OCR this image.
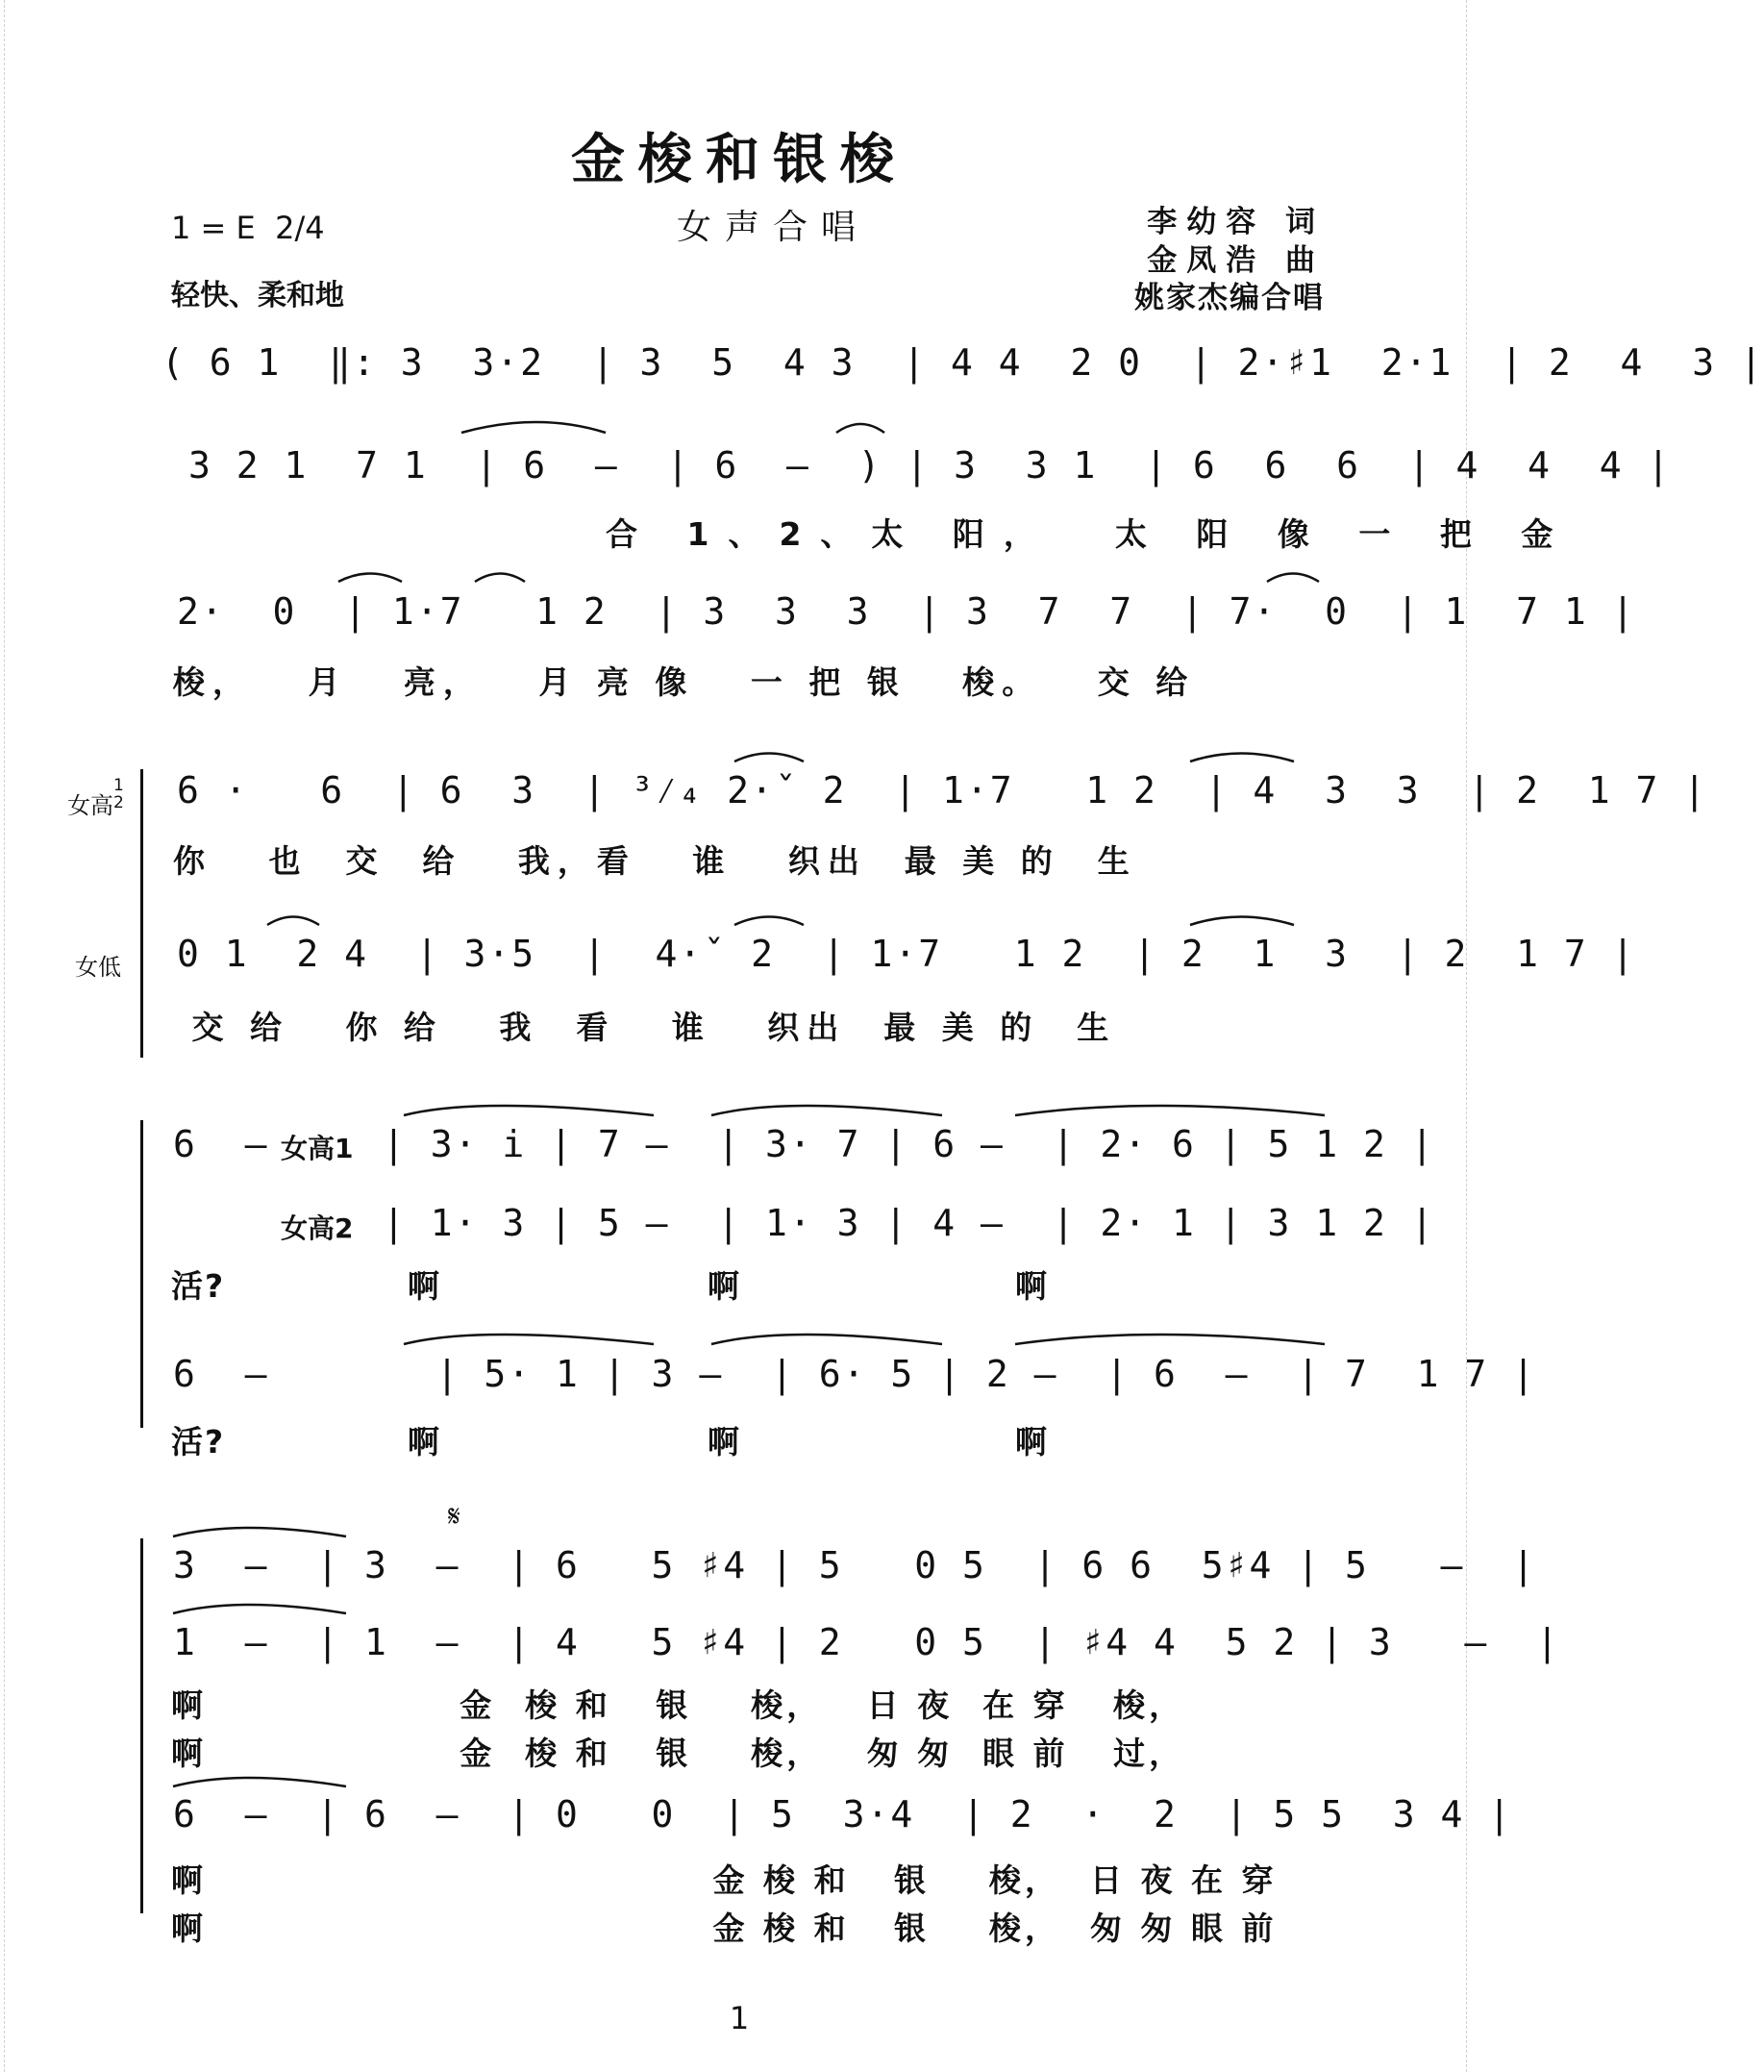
金梭和银梭
1 = E  2/4	女声合唱	李幼容 词
金凤浩 曲
姚家杰编合唱
轻快、柔和地
( 6 1  ‖: 3  3·2  | 3  5  4 3  | 4 4  2 0  | 2·♯1  2·1  | 2  4  3 |
3 2 1  7 1  | 6  –  | 6  –  ) | 3  3 1  | 6  6  6  | 4  4  4 |
合 1、2、太 阳，  太 阳 像 一 把 金
2·  0  | 1·7   1 2  | 3  3  3  | 3  7  7  | 7·  0  | 1  7 1 |
梭，   月   亮，   月 亮 像   一 把 银   梭。   交 给
女高
1
2 6 ·   6  | 6  3  | ³⁄₄ 2·ˇ 2  | 1·7   1 2  | 4  3  3  | 2  1 7 |
你   也  交  给   我，看   谁   织出  最 美 的  生
女低 0 1  2 4  | 3·5  |  4·ˇ 2  | 1·7   1 2  | 2  1  3  | 2  1 7 |
交 给   你 给   我  看   谁   织出  最 美 的  生
6  – 女高1 | 3· i | 7 –  | 3· 7 | 6 –  | 2· 6 | 5 1 2 |
女高2 | 1· 3 | 5 –  | 1· 3 | 4 –  | 2· 1 | 3 1 2 |
活?	啊	啊	啊
6  –       | 5· 1 | 3 –  | 6· 5 | 2 –  | 6  –  | 7  1 7 |
活?	啊	啊	啊
𝄋
3  –  | 3  –  | 6   5 ♯4 | 5   0 5  | 6 6  5♯4 | 5   –  |
1  –  | 1  –  | 4   5 ♯4 | 2   0 5  | ♯4 4  5 2 | 3   –  |
啊                 金  梭 和   银    梭，   日 夜  在 穿   梭，
啊                 金  梭 和   银    梭，   匆 匆  眼 前   过，
6  –  | 6  –  | 0   0  | 5  3·4  | 2  ·  2  | 5 5  3 4 |
啊                                  金 梭 和   银    梭，  日 夜 在 穿
啊                                  金 梭 和   银    梭，  匆 匆 眼 前
1
